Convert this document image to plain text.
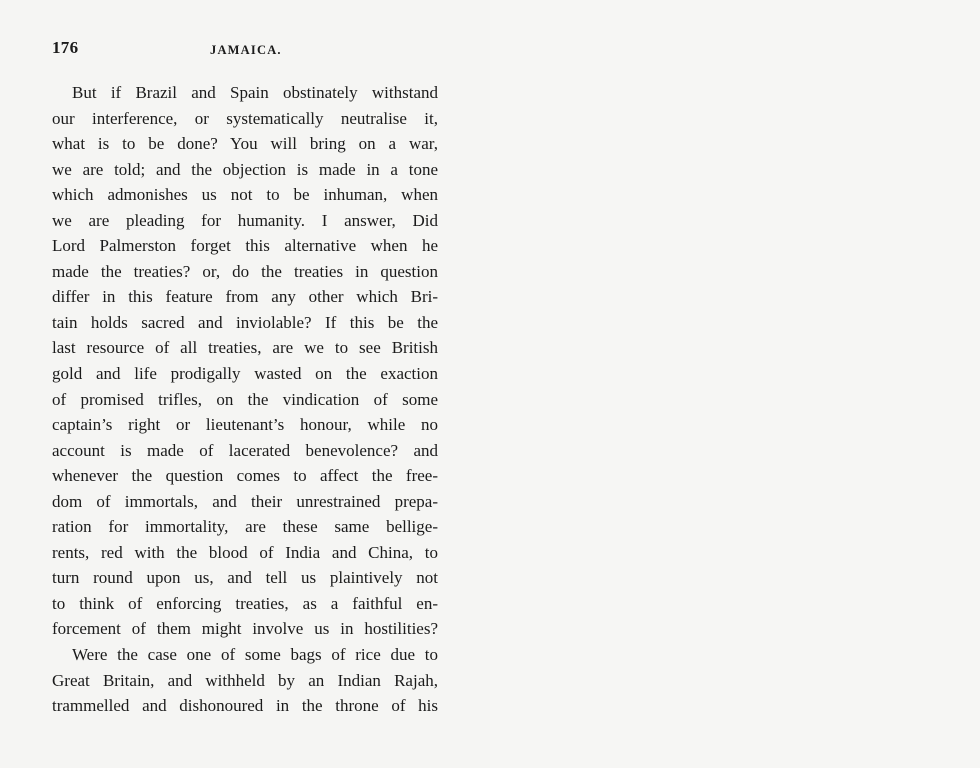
176	JAMAICA.
But if Brazil and Spain obstinately withstand
our interference, or systematically neutralise it,
what is to be done? You will bring on a war,
we are told; and the objection is made in a tone
which admonishes us not to be inhuman, when
we are pleading for humanity. I answer, Did
Lord Palmerston forget this alternative when he
made the treaties? or, do the treaties in question
differ in this feature from any other which Bri-
tain holds sacred and inviolable? If this be the
last resource of all treaties, are we to see British
gold and life prodigally wasted on the exaction
of promised trifles, on the vindication of some
captain’s right or lieutenant’s honour, while no
account is made of lacerated benevolence? and
whenever the question comes to affect the free-
dom of immortals, and their unrestrained prepa-
ration for immortality, are these same bellige-
rents, red with the blood of India and China, to
turn round upon us, and tell us plaintively not
to think of enforcing treaties, as a faithful en-
forcement of them might involve us in hostilities?
Were the case one of some bags of rice due to
Great Britain, and withheld by an Indian Rajah,
trammelled and dishonoured in the throne of his
